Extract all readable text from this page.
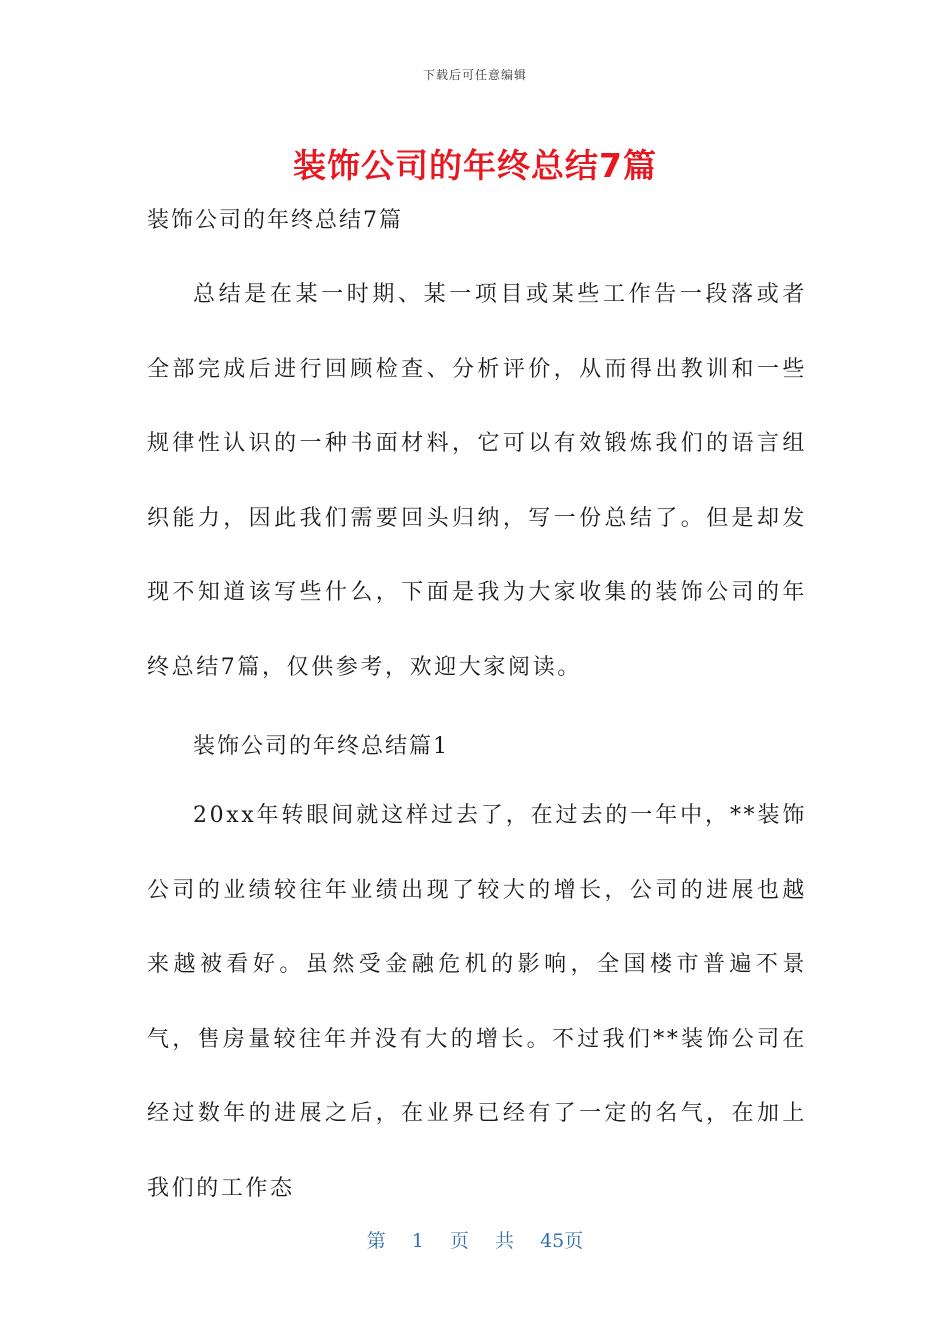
下载后可任意编辑
装饰公司的年终总结7篇
装饰公司的年终总结7篇
总结是在某一时期、某一项目或某些工作告一段落或者全部完成后进行回顾检查、分析评价，从而得出教训和一些规律性认识的一种书面材料，它可以有效锻炼我们的语言组织能力，因此我们需要回头归纳，写一份总结了。但是却发现不知道该写些什么，下面是我为大家收集的装饰公司的年终总结7篇，仅供参考，欢迎大家阅读。
装饰公司的年终总结篇1
20xx年转眼间就这样过去了，在过去的一年中，**装饰公司的业绩较往年业绩出现了较大的增长，公司的进展也越来越被看好。虽然受金融危机的影响，全国楼市普遍不景气，售房量较往年并没有大的增长。不过我们**装饰公司在经过数年的进展之后，在业界已经有了一定的名气，在加上我们的工作态
第 1 页 共 45页
